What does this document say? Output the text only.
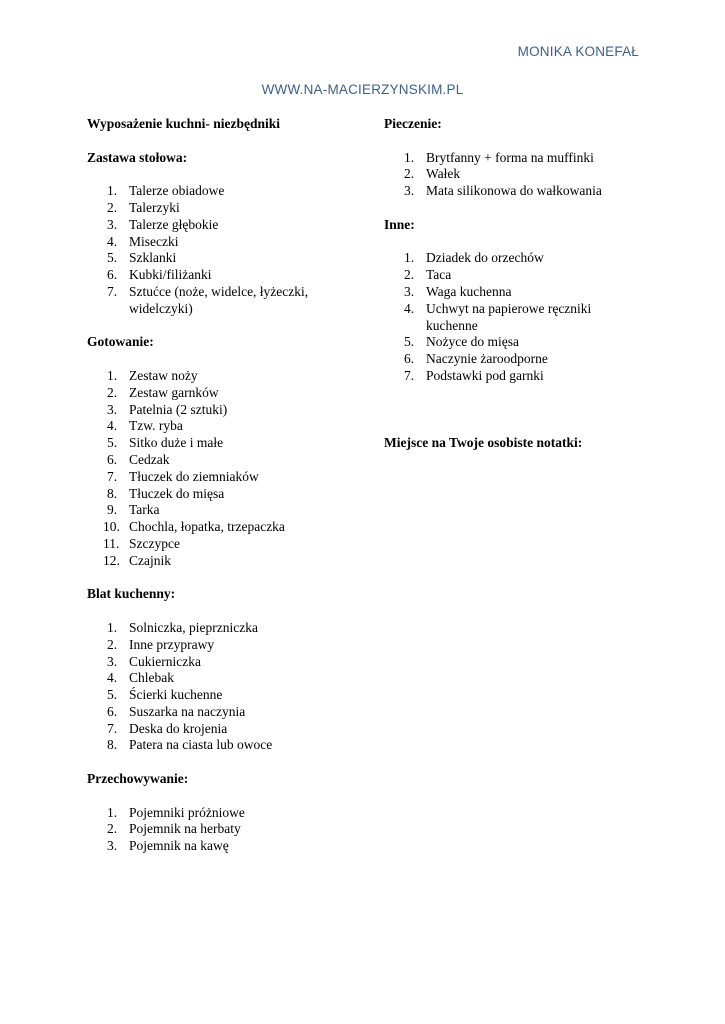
MONIKA KONEFAŁ
WWW.NA-MACIERZYNSKIM.PL
Wyposażenie kuchni- niezbędniki
Zastawa stołowa:
1. Talerze obiadowe
2. Talerzyki
3. Talerze głębokie
4. Miseczki
5. Szklanki
6. Kubki/filiżanki
7. Sztućce (noże, widelce, łyżeczki, widelczyki)
Gotowanie:
1. Zestaw noży
2. Zestaw garnków
3. Patelnia (2 sztuki)
4. Tzw. ryba
5. Sitko duże i małe
6. Cedzak
7. Tłuczek do ziemniaków
8. Tłuczek do mięsa
9. Tarka
10. Chochla, łopatka, trzepaczka
11. Szczypce
12. Czajnik
Blat kuchenny:
1. Solniczka, pieprzniczka
2. Inne przyprawy
3. Cukierniczka
4. Chlebak
5. Ścierki kuchenne
6. Suszarka na naczynia
7. Deska do krojenia
8. Patera na ciasta lub owoce
Przechowywanie:
1. Pojemniki próżniowe
2. Pojemnik na herbaty
3. Pojemnik na kawę
Pieczenie:
1. Brytfanny + forma na muffinki
2. Wałek
3. Mata silikonowa do wałkowania
Inne:
1. Dziadek do orzechów
2. Taca
3. Waga kuchenna
4. Uchwyt na papierowe ręczniki kuchenne
5. Nożyce do mięsa
6. Naczynie żaroodporne
7. Podstawki pod garnki
Miejsce na Twoje osobiste notatki:
